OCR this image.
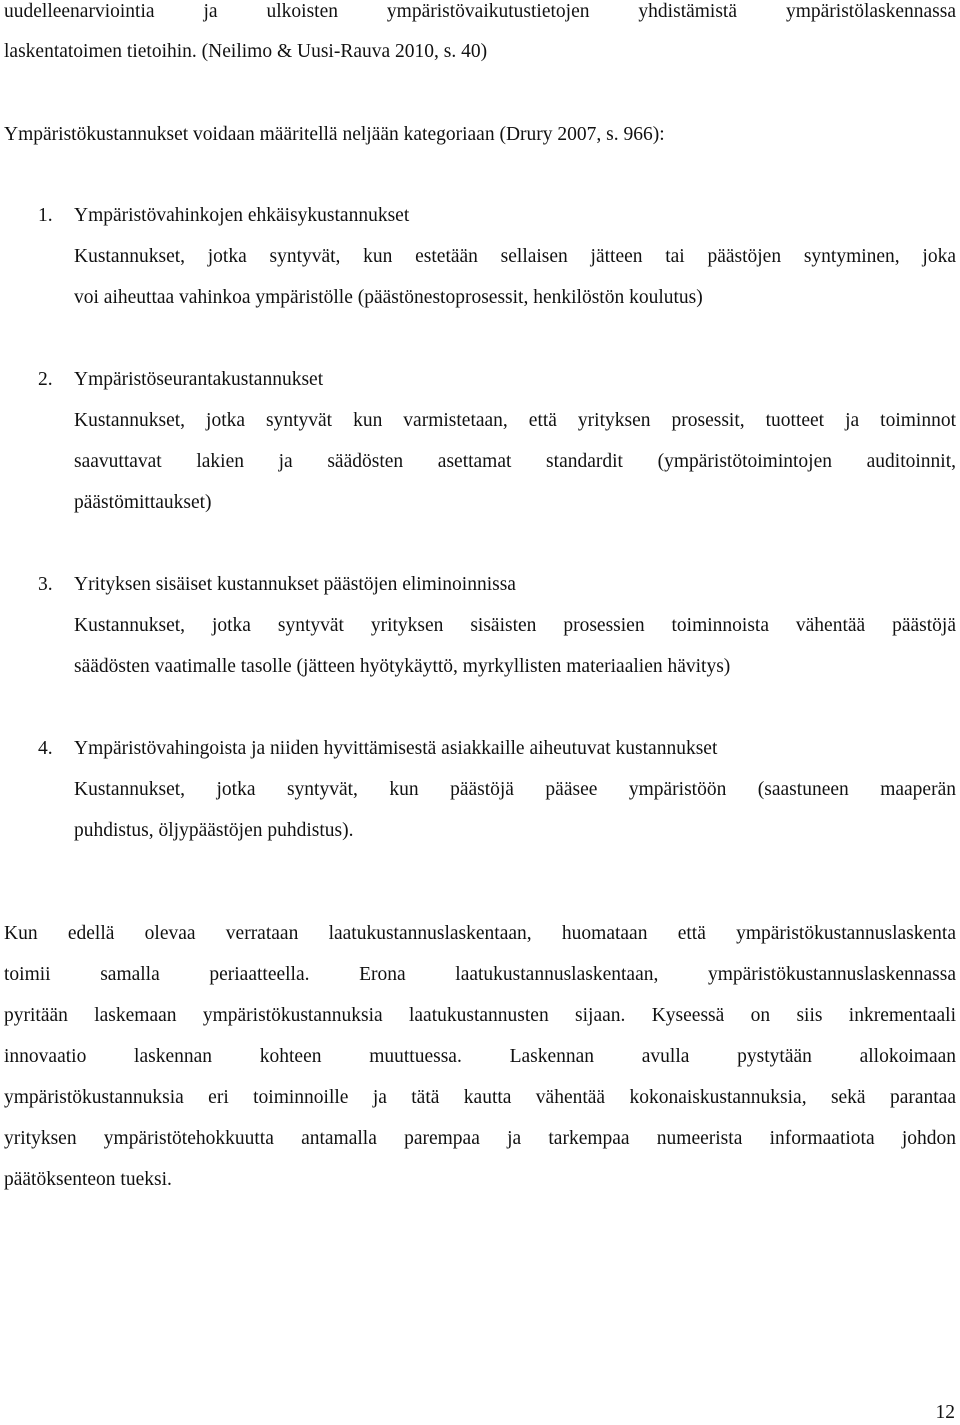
uudelleenarviointia ja ulkoisten ympäristövaikutustietojen yhdistämistä ympäristölaskennassa
laskentatoimen tietoihin. (Neilimo & Uusi-Rauva 2010, s. 40)
Ympäristökustannukset voidaan määritellä neljään kategoriaan (Drury 2007, s. 966):
1. Ympäristövahinkojen ehkäisykustannukset
Kustannukset, jotka syntyvät, kun estetään sellaisen jätteen tai päästöjen syntyminen, joka
voi aiheuttaa vahinkoa ympäristölle (päästönestoprosessit, henkilöstön koulutus)
2. Ympäristöseurantakustannukset
Kustannukset, jotka syntyvät kun varmistetaan, että yrityksen prosessit, tuotteet ja toiminnot
saavuttavat lakien ja säädösten asettamat standardit (ympäristötoimintojen auditoinnit,
päästömittaukset)
3. Yrityksen sisäiset kustannukset päästöjen eliminoinnissa
Kustannukset, jotka syntyvät yrityksen sisäisten prosessien toiminnoista vähentää päästöjä
säädösten vaatimalle tasolle (jätteen hyötykäyttö, myrkyllisten materiaalien hävitys)
4. Ympäristövahingoista ja niiden hyvittämisestä asiakkaille aiheutuvat kustannukset
Kustannukset, jotka syntyvät, kun päästöjä pääsee ympäristöön (saastuneen maaperän
puhdistus, öljypäästöjen puhdistus).
Kun edellä olevaa verrataan laatukustannuslaskentaan, huomataan että ympäristökustannuslaskenta
toimii samalla periaatteella. Erona laatukustannuslaskentaan, ympäristökustannuslaskennassa
pyritään laskemaan ympäristökustannuksia laatukustannusten sijaan. Kyseessä on siis inkrementaali
innovaatio laskennan kohteen muuttuessa. Laskennan avulla pystytään allokoimaan
ympäristökustannuksia eri toiminnoille ja tätä kautta vähentää kokonaiskustannuksia, sekä parantaa
yrityksen ympäristötehokkuutta antamalla parempaa ja tarkempaa numeerista informaatiota johdon
päätöksenteon tueksi.
12
